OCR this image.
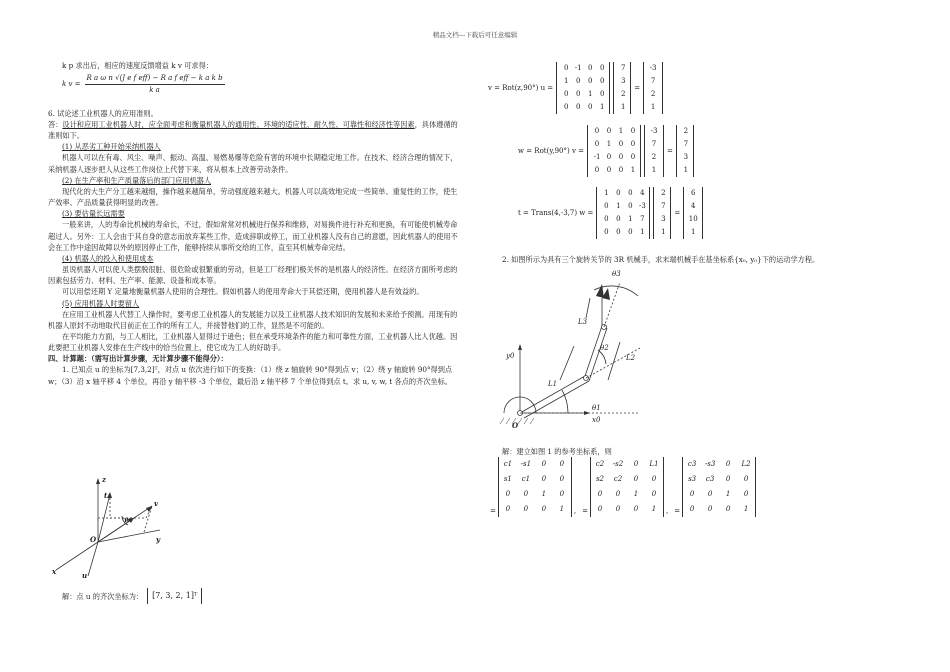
精品文档---下载后可任意编辑

k p 求出后，相应的速度反馈增益 k v 可求得：

k $v = \frac{\text{R a ω n √(J e f eff) − R a f eff − k a k b}}{\text{k a}}$

6. 试论述工业机器人的应用准则。

答：设计和应用工业机器人时，应全面考虑和衡量机器人的通用性、环境的适应性、耐久性、可靠性和经济性等因素，具体遵循的准则如下。

(1) 从恶劣工种开始采纳机器人

机器人可以在有毒、风尘、噪声、振动、高温、易燃易爆等危险有害的环境中长期稳定地工作。在技术、经济合理的情况下，采纳机器人逐步把人从这些工作岗位上代替下来，将从根本上改善劳动条件。

(2) 在生产率和生产质量落后的部门应用机器人

现代化的大生产分工越来越细，操作越来越简单，劳动强度越来越大。机器人可以高效地完成一些简单、重复性的工作，使生产效率、产品质量获得明显的改善。

(3) 要估量长远需要

一般来讲，人的寿命比机械的寿命长，不过，假如常常对机械进行保养和维修，对易换件进行补充和更换，有可能使机械寿命超过人。另外：工人会由于其自身的意志而放弃某些工作，造成辞职或停工，而工业机器人没有自己的意愿，因此机器人的使用不会在工作中途因故障以外的原因停止工作，能够持续从事所交给的工作，直至其机械寿命完结。

(4) 机器人的投入和使用成本

虽说机器人可以使人类摆脱很脏、很危险或很繁重的劳动，但是工厂经理们极关怀的是机器人的经济性。在经济方面所考虑的因素包括劳力、材料、生产率、能源、设备和成本等。

可以用偿还期 Y 定量地衡量机器人使用的合理性。假如机器人的使用寿命大于其偿还期，使用机器人是有效益的。

(5) 应用机器人时要留人

在应用工业机器人代替工人操作时，要考虑工业机器人的发展能力以及工业机器人技术知识的发展和未来给予预测。用现有的机器人原封不动地取代目前正在工作的所有工人，并接替他们的工作，显然是不可能的。

在平均能力方面，与工人相比，工业机器人显得过于逊色；但在承受环境条件的能力和可靠性方面，工业机器人比人优越。因此要把工业机器人安排在生产线中的恰当位置上，使它成为工人的好助手。

四、计算题：（需写出计算步骤，无计算步骤不能得分）：

1. 已知点 u 的坐标为[7,3,2]ᵀ，对点 u 依次进行如下的变换：（1）绕 z 轴旋转 90°得到点 v；（2）绕 y 轴旋转 90°得到点 w；（3）沿 x 轴平移 4 个单位，再沿 y 轴平移 -3 个单位，最后沿 z 轴平移 7 个单位得到点 t。求 u, v, w, t 各点的齐次坐标。

t
v
w
y
O
x	u
z
解：点 u 的齐次坐标为：	[7, 3, 2, 1]ᵀ
v = Rot(z,90°) u =
0 -1 0	0
1	0	0	0
0	0	1	0
0	0	0	1
7
3
2
1
=
-3
7
2
1
w = Rot(y,90°) v =
0	0	1	0
0	1	0	0
-1 0	0	0
0	0	0	1
-3
7
2
1
=
2
7
3
1
t = Trans(4,-3,7) w =
1	0	0	4
0	1	0 -3
0	0	1	7
0	0	0	1
2
7
3
1
=
6
4
10
1

2. 如图所示为具有三个旋转关节的 3R 机械手，求末端机械手在基坐标系{x₀, y₀}下的运动学方程。

θ3
θ2
θ1
L3
L2
L1
y0
x0
O

解：建立如图 1 的参考坐标系，则

=
c1	-s1	0	0
s1	c1	0	0
0	0	1	0
0	0	0	1	, =
c2	-s2	0	L1
s2	c2	0	0
0	0	1	0
0	0	0	1	, =
c3	-s3	0	L2
s3	c3	0	0
0	0	1	0
0	0	0	1
